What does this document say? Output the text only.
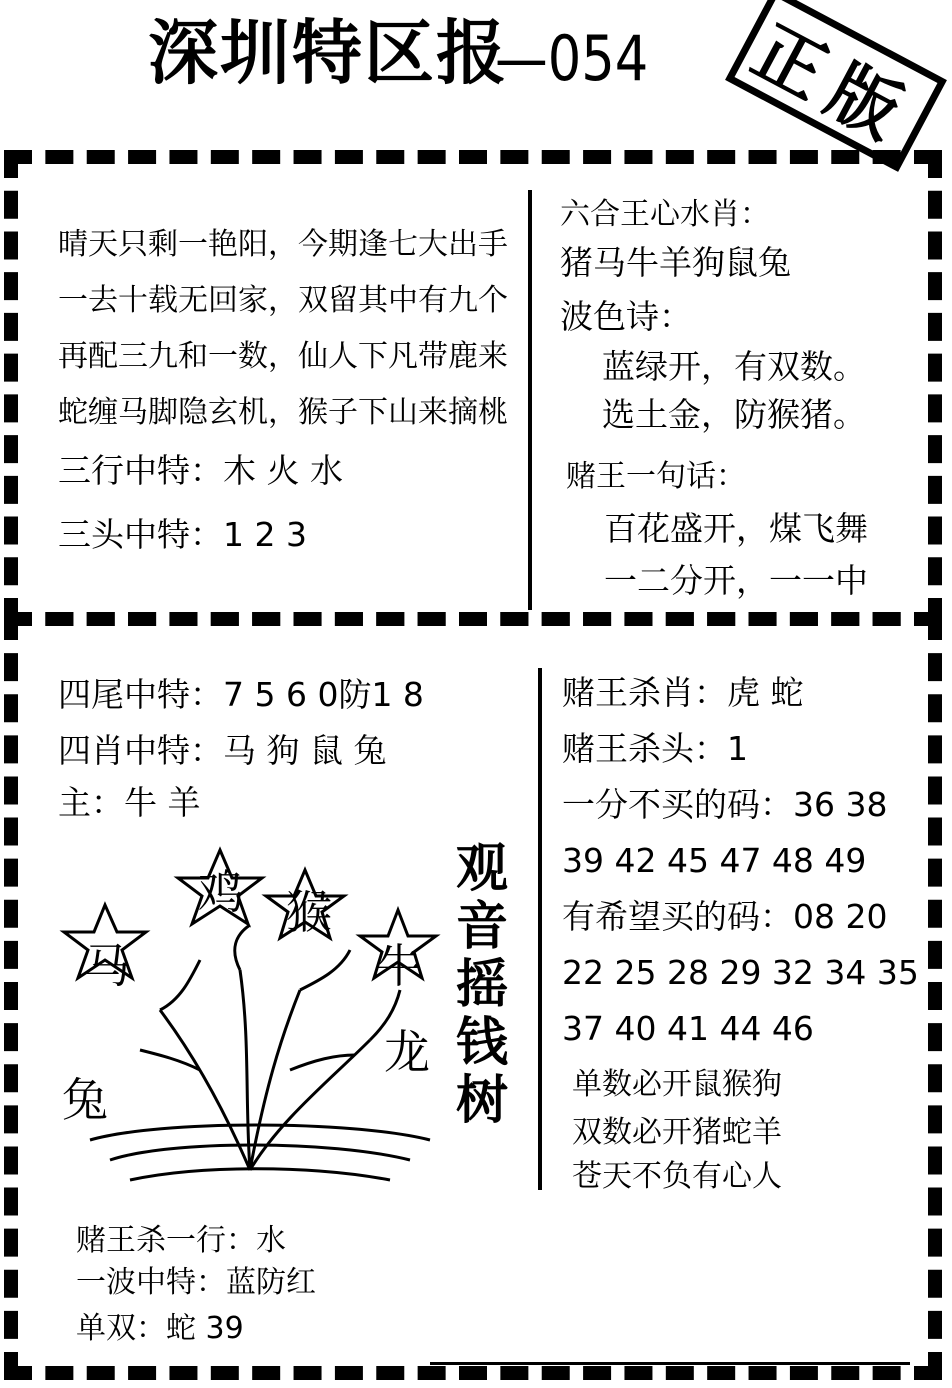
深圳特区报
—054 正版
晴天只剩一艳阳，今期逢七大出手
一去十载无回家，双留其中有九个
再配三九和一数，仙人下凡带鹿来
蛇缠马脚隐玄机，猴子下山来摘桃
三行中特：木 火 水
三头中特：1 2 3
六合王心水肖：
猪马牛羊狗鼠兔
波色诗：
蓝绿开，有双数。
选土金，防猴猪。
赌王一句话：
百花盛开，煤飞舞
一二分开，一一中
四尾中特：7 5 6 0防1 8
四肖中特：马 狗 鼠 兔
主：牛 羊
鸡 猴
马	牛
龙
兔
观音摇钱树
赌王杀一行：水
一波中特：蓝防红
单双：蛇 39
赌王杀肖：虎 蛇
赌王杀头：1
一分不买的码：36 38
39 42 45 47 48 49
有希望买的码：08 20
22 25 28 29 32 34 35
37 40 41 44 46
单数必开鼠猴狗
双数必开猪蛇羊
苍天不负有心人
